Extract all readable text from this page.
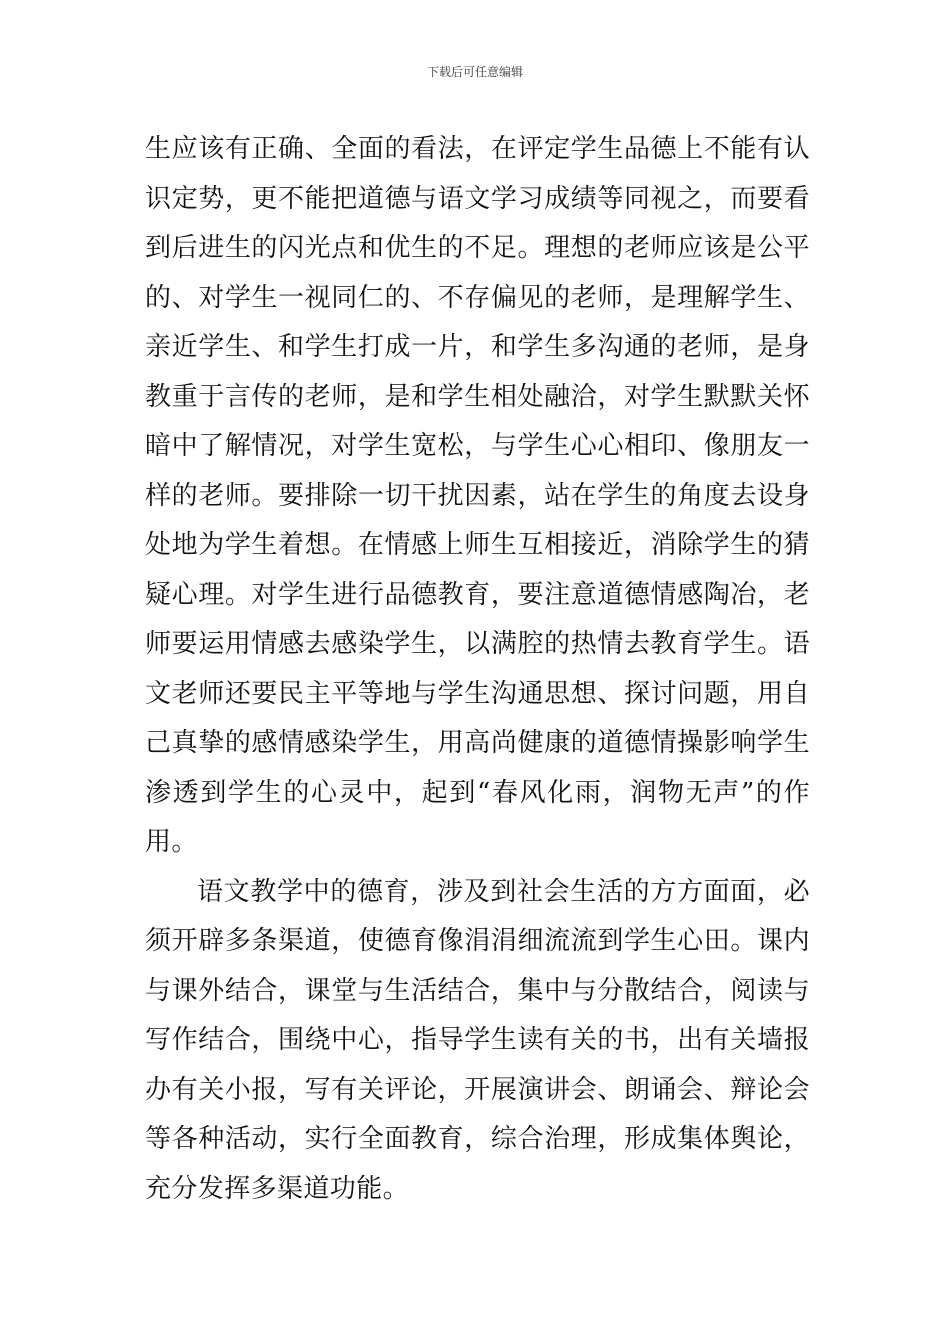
下载后可任意编辑
生应该有正确、全面的看法，在评定学生品德上不能有认
识定势，更不能把道德与语文学习成绩等同视之，而要看
到后进生的闪光点和优生的不足。理想的老师应该是公平
的、对学生一视同仁的、不存偏见的老师，是理解学生、
亲近学生、和学生打成一片，和学生多沟通的老师，是身
教重于言传的老师，是和学生相处融洽，对学生默默关怀
暗中了解情况，对学生宽松，与学生心心相印、像朋友一
样的老师。要排除一切干扰因素，站在学生的角度去设身
处地为学生着想。在情感上师生互相接近，消除学生的猜
疑心理。对学生进行品德教育，要注意道德情感陶冶，老
师要运用情感去感染学生，以满腔的热情去教育学生。语
文老师还要民主平等地与学生沟通思想、探讨问题，用自
己真挚的感情感染学生，用高尚健康的道德情操影响学生
渗透到学生的心灵中，起到“春风化雨，润物无声”的作
用。
语文教学中的德育，涉及到社会生活的方方面面，必
须开辟多条渠道，使德育像涓涓细流流到学生心田。课内
与课外结合，课堂与生活结合，集中与分散结合，阅读与
写作结合，围绕中心，指导学生读有关的书，出有关墙报
办有关小报，写有关评论，开展演讲会、朗诵会、辩论会
等各种活动，实行全面教育，综合治理，形成集体舆论，
充分发挥多渠道功能。
